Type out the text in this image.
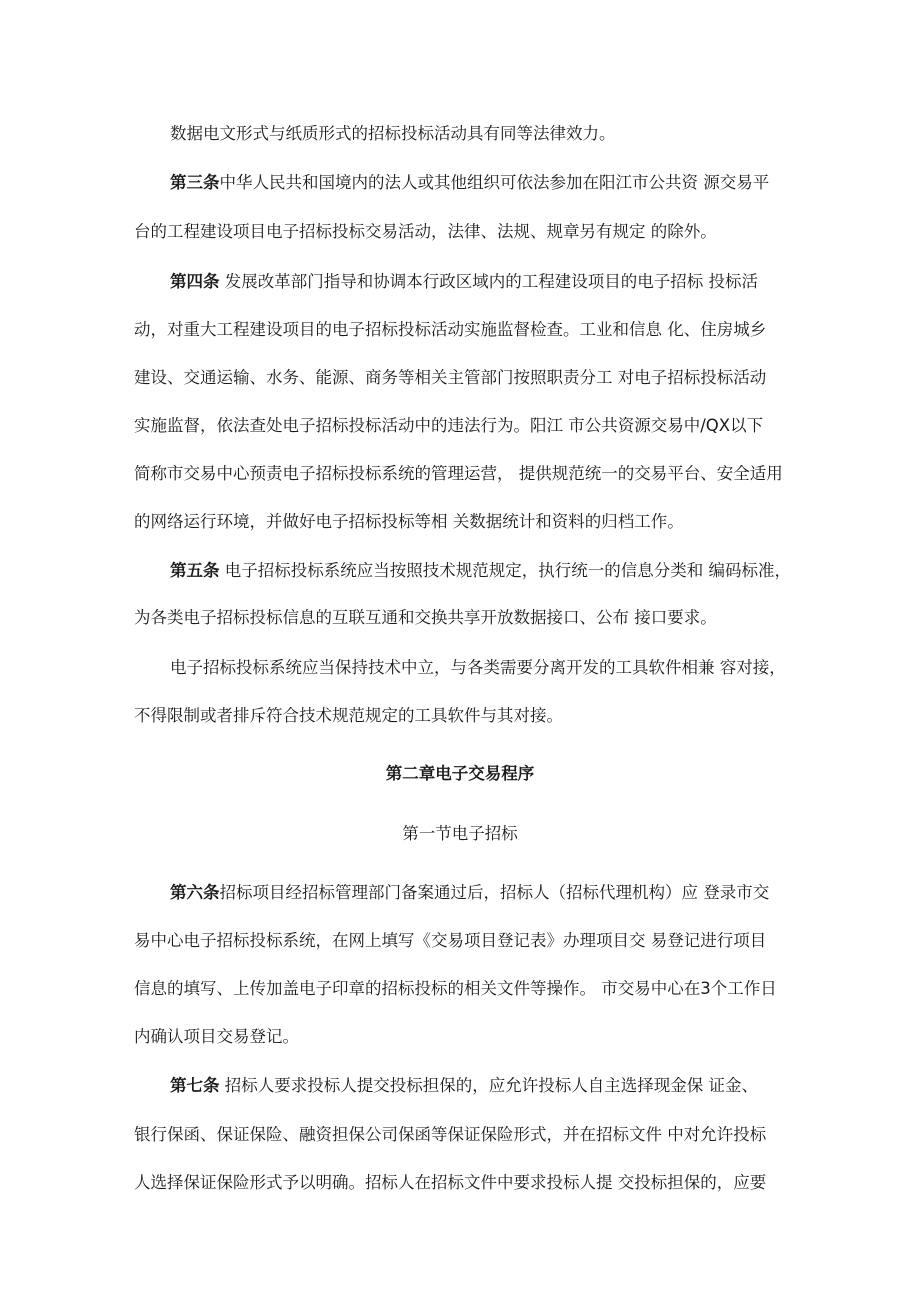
数据电文形式与纸质形式的招标投标活动具有同等法律效力。
第三条中华人民共和国境内的法人或其他组织可依法参加在阳江市公共资 源交易平
台的工程建设项目电子招标投标交易活动，法律、法规、规章另有规定 的除外。
第四条 发展改革部门指导和协调本行政区域内的工程建设项目的电子招标 投标活
动，对重大工程建设项目的电子招标投标活动实施监督检查。工业和信息 化、住房城乡
建设、交通运输、水务、能源、商务等相关主管部门按照职责分工 对电子招标投标活动
实施监督，依法查处电子招标投标活动中的违法行为。阳江 市公共资源交易中/QX以下
简称市交易中心预责电子招标投标系统的管理运营， 提供规范统一的交易平台、安全适用
的网络运行环境，并做好电子招标投标等相 关数据统计和资料的归档工作。
第五条 电子招标投标系统应当按照技术规范规定，执行统一的信息分类和 编码标准，
为各类电子招标投标信息的互联互通和交换共享开放数据接口、公布 接口要求。
电子招标投标系统应当保持技术中立，与各类需要分离开发的工具软件相兼 容对接，
不得限制或者排斥符合技术规范规定的工具软件与其对接。
第二章电子交易程序
第一节电子招标
第六条招标项目经招标管理部门备案通过后，招标人（招标代理机构）应 登录市交
易中心电子招标投标系统，在网上填写《交易项目登记表》办理项目交 易登记进行项目
信息的填写、上传加盖电子印章的招标投标的相关文件等操作。 市交易中心在3个工作日
内确认项目交易登记。
第七条 招标人要求投标人提交投标担保的，应允许投标人自主选择现金保 证金、
银行保函、保证保险、融资担保公司保函等保证保险形式，并在招标文件 中对允许投标
人选择保证保险形式予以明确。招标人在招标文件中要求投标人提 交投标担保的，应要
